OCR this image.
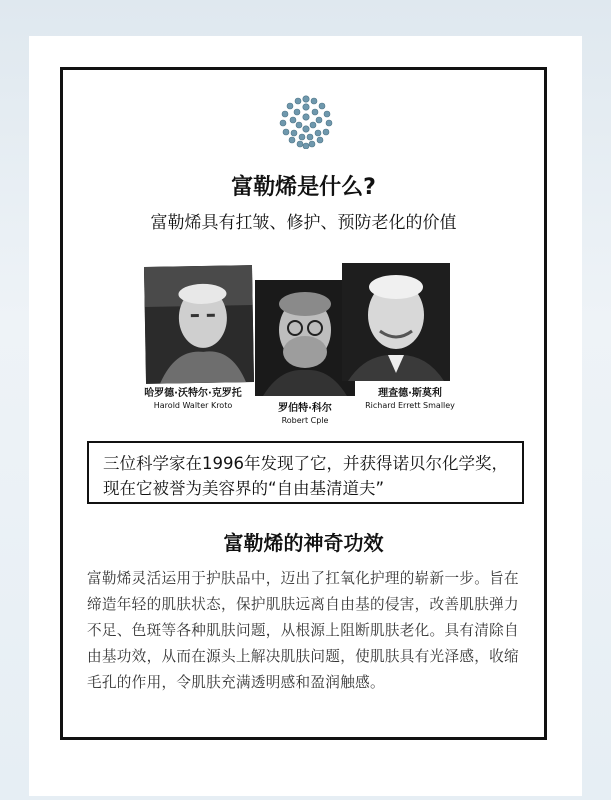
富勒烯是什么?
富勒烯具有扛皱、修护、预防老化的价值
哈罗德·沃特尔·克罗托
Harold Walter Kroto	罗伯特·科尔
Robert Cple
理查德·斯莫利
Richard Errett Smalley
三位科学家在1996年发现了它，并获得诺贝尔化学奖，现在它被誉为美容界的“自由基清道夫”
富勒烯的神奇功效
富勒烯灵活运用于护肤品中，迈出了扛氧化护理的崭新一步。旨在缔造年轻的肌肤状态，保护肌肤远离自由基的侵害，改善肌肤弹力不足、色斑等各种肌肤问题，从根源上阻断肌肤老化。具有清除自由基功效，从而在源头上解决肌肤问题，使肌肤具有光泽感，收缩毛孔的作用，令肌肤充满透明感和盈润触感。
